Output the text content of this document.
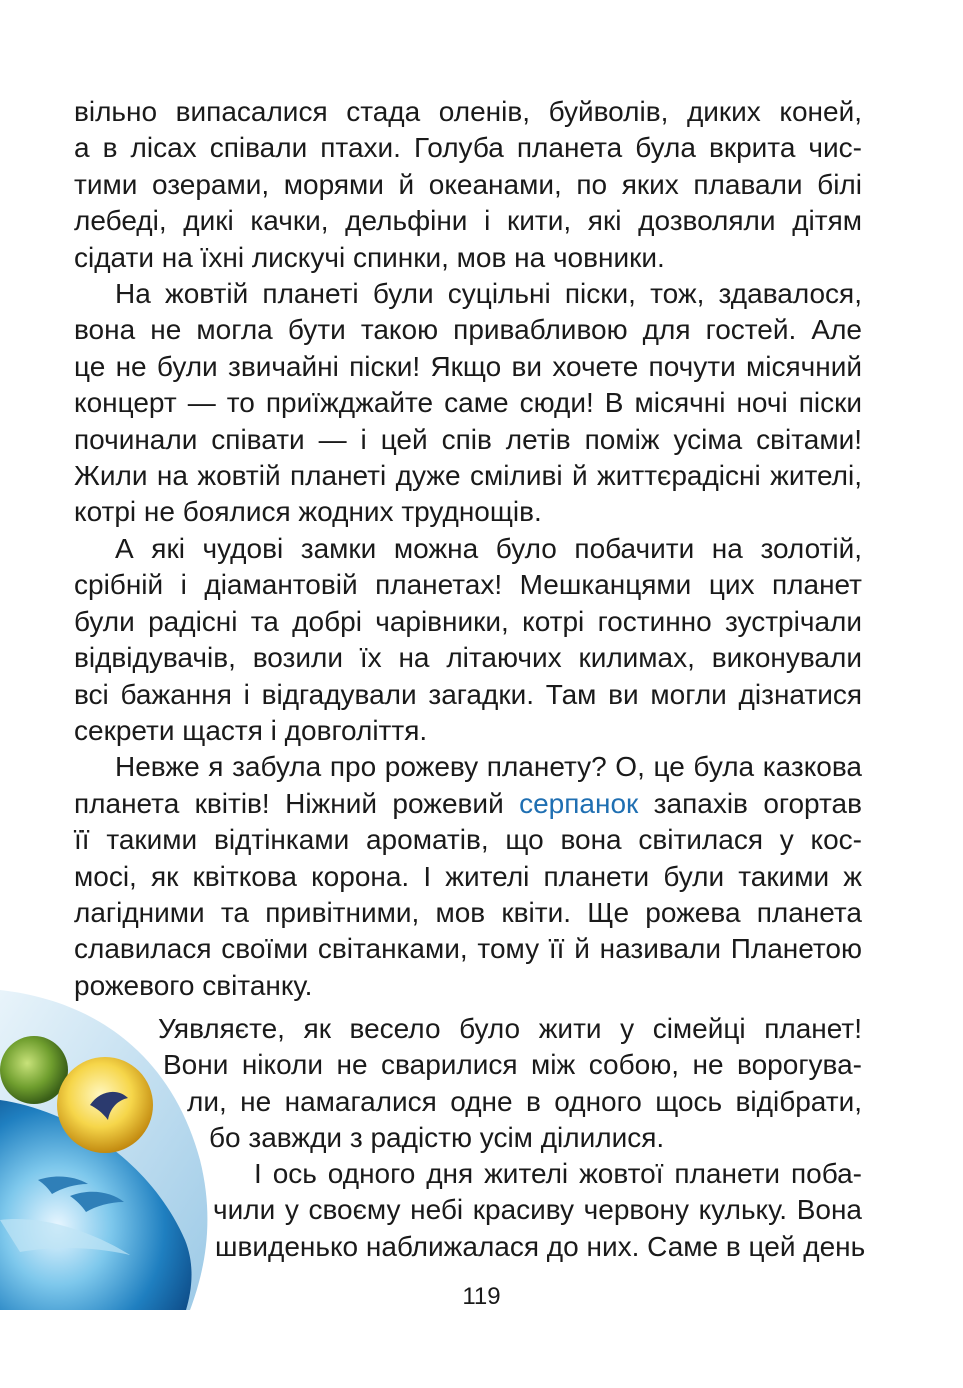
вільно випасалися стада оленів, буйволів, диких коней,
а в лісах співали птахи. Голуба планета була вкрита чис-
тими озерами, морями й океанами, по яких плавали білі
лебеді, дикі качки, дельфіни і кити, які дозволяли дітям
сідати на їхні лискучі спинки, мов на човники.
На жовтій планеті були суцільні піски, тож, здавалося,
вона не могла бути такою привабливою для гостей. Але
це не були звичайні піски! Якщо ви хочете почути місячний
концерт — то приїжджайте саме сюди! В місячні ночі піски
починали співати — і цей спів летів поміж усіма світами!
Жили на жовтій планеті дуже сміливі й життєрадісні жителі,
котрі не боялися жодних труднощів.
А які чудові замки можна було побачити на золотій,
срібній і діамантовій планетах! Мешканцями цих планет
були радісні та добрі чарівники, котрі гостинно зустрічали
відвідувачів, возили їх на літаючих килимах, виконували
всі бажання і відгадували загадки. Там ви могли дізнатися
секрети щастя і довголіття.
Невже я забула про рожеву планету? О, це була казкова
планета квітів! Ніжний рожевий серпанок запахів огортав
її такими відтінками ароматів, що вона світилася у кос-
мосі, як квіткова корона. І жителі планети були такими ж
лагідними та привітними, мов квіти. Ще рожева планета
славилася своїми світанками, тому її й називали Планетою
рожевого світанку.
Уявляєте, як весело було жити у сімейці планет!
Вони ніколи не сварилися між собою, не ворогува-
ли, не намагалися одне в одного щось відібрати,
бо завжди з радістю усім ділилися.
І ось одного дня жителі жовтої планети поба-
чили у своєму небі красиву червону кульку. Вона
швиденько наближалася до них. Саме в цей день
119
